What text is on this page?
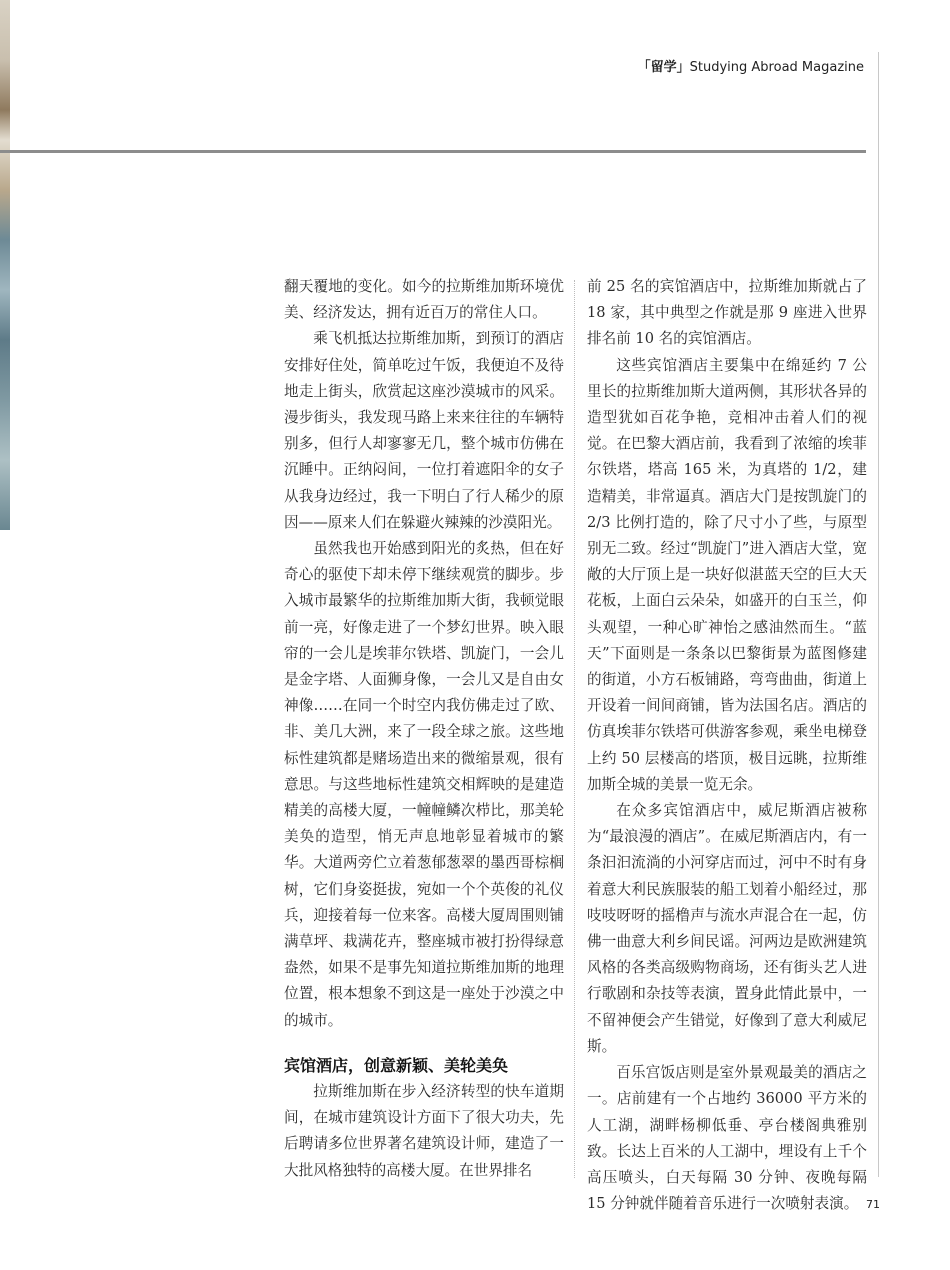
「留学」Studying Abroad Magazine

翻天覆地的变化。如今的拉斯维加斯环境优美、经济发达，拥有近百万的常住人口。

乘飞机抵达拉斯维加斯，到预订的酒店安排好住处，简单吃过午饭，我便迫不及待地走上街头，欣赏起这座沙漠城市的风采。漫步街头，我发现马路上来来往往的车辆特别多，但行人却寥寥无几，整个城市仿佛在沉睡中。正纳闷间，一位打着遮阳伞的女子从我身边经过，我一下明白了行人稀少的原因——原来人们在躲避火辣辣的沙漠阳光。

虽然我也开始感到阳光的炙热，但在好奇心的驱使下却未停下继续观赏的脚步。步入城市最繁华的拉斯维加斯大街，我顿觉眼前一亮，好像走进了一个梦幻世界。映入眼帘的一会儿是埃菲尔铁塔、凯旋门，一会儿是金字塔、人面狮身像，一会儿又是自由女神像……在同一个时空内我仿佛走过了欧、非、美几大洲，来了一段全球之旅。这些地标性建筑都是赌场造出来的微缩景观，很有意思。与这些地标性建筑交相辉映的是建造精美的高楼大厦，一幢幢鳞次栉比，那美轮美奂的造型，悄无声息地彰显着城市的繁华。大道两旁伫立着葱郁葱翠的墨西哥棕榈树，它们身姿挺拔，宛如一个个英俊的礼仪兵，迎接着每一位来客。高楼大厦周围则铺满草坪、栽满花卉，整座城市被打扮得绿意盎然，如果不是事先知道拉斯维加斯的地理位置，根本想象不到这是一座处于沙漠之中的城市。

宾馆酒店，创意新颖、美轮美奂

拉斯维加斯在步入经济转型的快车道期间，在城市建筑设计方面下了很大功夫，先后聘请多位世界著名建筑设计师，建造了一大批风格独特的高楼大厦。在世界排名

前 25 名的宾馆酒店中，拉斯维加斯就占了 18 家，其中典型之作就是那 9 座进入世界排名前 10 名的宾馆酒店。

这些宾馆酒店主要集中在绵延约 7 公里长的拉斯维加斯大道两侧，其形状各异的造型犹如百花争艳，竞相冲击着人们的视觉。在巴黎大酒店前，我看到了浓缩的埃菲尔铁塔，塔高 165 米，为真塔的 1/2，建造精美，非常逼真。酒店大门是按凯旋门的 2/3 比例打造的，除了尺寸小了些，与原型别无二致。经过“凯旋门”进入酒店大堂，宽敞的大厅顶上是一块好似湛蓝天空的巨大天花板，上面白云朵朵，如盛开的白玉兰，仰头观望，一种心旷神怡之感油然而生。“蓝天”下面则是一条条以巴黎街景为蓝图修建的街道，小方石板铺路，弯弯曲曲，街道上开设着一间间商铺，皆为法国名店。酒店的仿真埃菲尔铁塔可供游客参观，乘坐电梯登上约 50 层楼高的塔顶，极目远眺，拉斯维加斯全城的美景一览无余。

在众多宾馆酒店中，威尼斯酒店被称为“最浪漫的酒店”。在威尼斯酒店内，有一条汩汩流淌的小河穿店而过，河中不时有身着意大利民族服装的船工划着小船经过，那吱吱呀呀的摇橹声与流水声混合在一起，仿佛一曲意大利乡间民谣。河两边是欧洲建筑风格的各类高级购物商场，还有街头艺人进行歌剧和杂技等表演，置身此情此景中，一不留神便会产生错觉，好像到了意大利威尼斯。

百乐宫饭店则是室外景观最美的酒店之一。店前建有一个占地约 36000 平方米的人工湖，湖畔杨柳低垂、亭台楼阁典雅别致。长达上百米的人工湖中，埋设有上千个高压喷头，白天每隔 30 分钟、夜晚每隔 15 分钟就伴随着音乐进行一次喷射表演。 71
